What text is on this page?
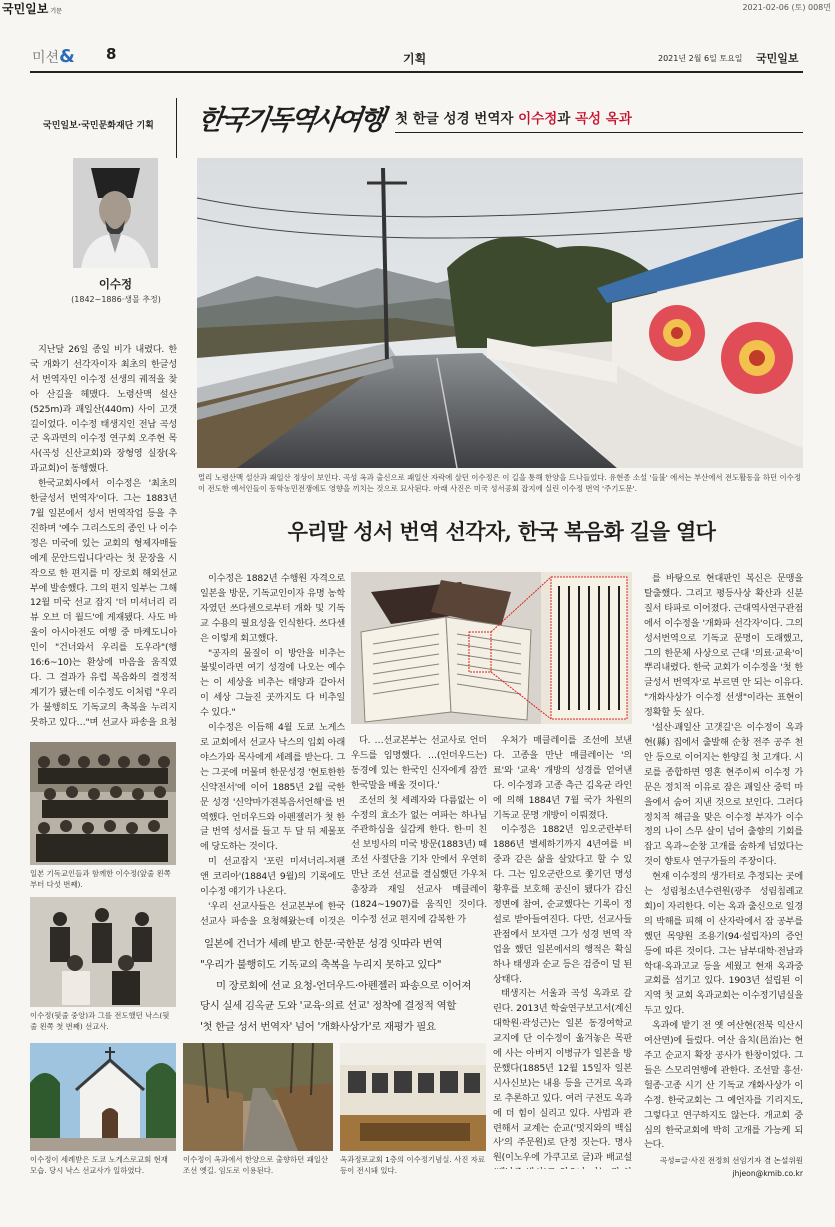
국민일보 기문	2021-02-06 (토) 008면
미션& 8	기획	2021년 2월 6일 토요일 국민일보
국민일보·국민문화재단 기획 한국기독역사여행 첫 한글 성경 번역자 이수정과 곡성 옥과
이수정
(1842~1886·생몰 추정)
멀리 노령산맥 설산과 괘일산 정상이 보인다. 곡성 옥과 출신으로 괘일산 자락에 살던 이수정은 이 길을 통해 한양을 드나들었다. 유현종 소설 '들불' 에서는 부산에서 전도활동을 하던 이수정이 전도한 예서인들이 동학농민전쟁에도 영향을 끼치는 것으로 묘사된다. 아래 사진은 미국 성서공회 잡지에 실린 이수정 번역 '주기도문'.
우리말 성서 번역 선각자, 한국 복음화 길을 열다

지난달 26일 종일 비가 내렸다. 한국 개화기 선각자이자 최초의 한글성서 번역자인 이수정 선생의 궤적을 찾아 산길을 헤맸다. 노령산맥 설산(525m)과 괘일산(440m) 사이 고갯길이었다. 이수정 태생지인 전남 곡성군 옥과면의 이수정 연구회 오주현 목사(곡성 신산교회)와 장형영 실장(옥과교회)이 동행했다.

한국교회사에서 이수정은 '최초의 한글성서 번역자'이다. 그는 1883년 7월 일본에서 성서 번역작업 등을 추진하며 '예수 그리스도의 종인 나 이수정은 미국에 있는 교회의 형제자매들에게 문안드립니다'라는 첫 문장을 시작으로 한 편지를 미 장로회 해외선교부에 발송했다. 그의 편지 일부는 그해 12월 미국 선교 잡지 '더 미셔너리 리뷰 오브 더 월드'에 게재됐다. 사도 바울이 아시아전도 여행 중 마케도니아인이 "건너와서 우리를 도우라"(행 16:6~10)는 환상에 마음을 움직였다. 그 결과가 유럽 복음화의 결정적 계기가 됐는데 이수정도 이처럼 "우리가 불행히도 기독교의 축복을 누리지 못하고 있다…"며 선교사 파송을 요청

일본 기독교인들과 함께한 이수정(앞줄 왼쪽부터 다섯 번째).
이수정(뒷줄 중앙)과 그를 전도했던 낙스(뒷줄 왼쪽 첫 번째) 선교사.

이수정은 1882년 수행원 자격으로 일본을 방문, 기독교인이자 유명 농학자였던 쓰다센으로부터 개화 및 기독교 수용의 필요성을 인식한다. 쓰다센은 이렇게 회고했다.

"공자의 물질이 이 방안을 비추는 불빛이라면 여기 성경에 나오는 예수는 이 세상을 비추는 태양과 같아서 이 세상 그늘진 곳까지도 다 비추일 수 있다."

이수정은 이듬해 4월 도쿄 노게스로 교회에서 선교사 낙스의 입회 아래 야스가와 목사에게 세례를 받는다. 그는 그곳에 머물며 한문성경 '현토한한신약전서'에 이어 1885년 2월 국한문 성경 '신약마가젼복음서언해'를 번역했다. 언더우드와 아펜젤러가 첫 한글 번역 성서를 들고 두 달 뒤 제물포에 당도하는 것이다.

미 선교잡지 '포린 미셔너리-저팬 앤 코리아'(1884년 9월)의 기록에도 이수정 얘기가 나온다.

'우리 선교사들은 선교본부에 한국 선교사 파송을 요청해왔는데 이것은

다. …선교본부는 선교사로 언더우드를 임명했다. …(언더우드는) 동경에 있는 한국인 신자에게 잠깐 한국말을 배울 것이다.'

조선의 첫 세례자와 다름없는 이수정의 효소가 없는 여파는 하나님 주관하심을 실감케 한다. 한·미 친선 보빙사의 미국 방문(1883년) 때 조선 사절단을 기차 안에서 우연히 만난 조선 선교를 결심했던 가우처 총장과 재일 선교사 매클레이(1824~1907)를 움직인 것이다. 이수정 선교 편지에 감복한 가

우처가 매클레이를 조선에 보낸다. 고종을 만난 매클레이는 '의료'와 '교육' 개방의 성경를 얻어낸다. 이수정과 고종 측근 김옥균 라인에 의해 1884년 7월 국가 차원의 기독교 문명 개방이 이뤄졌다.

이수정은 1882년 임오군란부터 1886년 별세하기까지 4년여를 비중과 같은 삶을 살았다고 할 수 있다. 그는 임오군란으로 쫓기던 명성황후를 보호해 공신이 됐다가 갑신정변에 참여, 순교했다는 기록이 정설로 받아들여진다. 다만, 선교사들 관점에서 보자면 그가 성경 번역 작업을 했던 일본에서의 행적은 확실하나 태생과 순교 등은 검증이 덜 된 상태다.

태생지는 서울과 곡성 옥과로 갈린다. 2013년 학술연구보고서(계신대학원·곽성근)는 일본 동경여학교 교지에 단 이수정이 옮겨놓은 목판에 사는 아버지 이병규가 일본을 방문했다(1885년 12월 15일자 일본 시사신보)는 내용 등을 근거로 옥과로 추론하고 있다. 여러 구전도 옥과에 더 힘이 실리고 있다. 사법과 관련해서 교계는 순교('멋지와의 백십사'의 주문원)로 단정 짓는다. 명사원(이노우에 가쿠고로 글)과 배교설

를 바탕으로 현대판인 복신은 문맹을 탈출했다. 그리고 평등사상 확산과 신분질서 타파로 이어졌다. 근대역사연구관점에서 이수정을 '개화파 선각자'이다. 그의 성서번역으로 기독교 문명이 도래했고, 그의 한문체 사상으로 근대 '의료·교육'이 뿌리내렸다. 한국 교회가 이수정을 '첫 한글성서 번역자'로 부르면 안 되는 이유다. "개화사상가 이수정 선생"이라는 표현이 정확할 듯 싶다.

'설산·괘일산 고갯길'은 이수정이 옥과현(縣) 집에서 출발해 순창 전주 공주 천안 등으로 이어지는 한양길 첫 고개다. 시로를 종합하면 영혼 현주이씨 이수정 가문은 정치적 이유로 잠은 괘일산 중턱 마을에서 숨어 지낸 것으로 보인다. 그러다 정치적 해금을 맞은 이수정 부자가 이수정의 나이 스무 살이 넘어 출향의 기회를 잡고 옥과~순창 고개를 숨하게 넘었다는 것이 향토사 연구가들의 주장이다.

현재 이수정의 생가터로 추정되는 곳에는 성림청소년수련원(광주 성림침례교회)이 자리한다. 이는 옥과 출신으로 일경의 박해를 피해 이 산자락에서 잠 공부를 했던 목양원 조용기(94·설립자)의 증언 등에 따른 것이다. 그는 남부대학·전남과학대·옥과고교 등을 세웠고 현재 옥과중교회를 섬기고 있다. 1903년 설립된 이 지역 첫 교회 옥과교회는 이수정기념실을 두고 있다.

옥과에 밭기 전 옛 여산현(전북 익산시 여산면)에 들렀다. 여산 읍치(邑治)는 현주고 순교지 확장 공사가 한창이었다. 그들은 스모리연행에 관한다. 조선말 흥선·헐종·고종 시기 산 기독교 개화사상가 이수정. 한국교회는 그 예언자를 기리지도, 그렇다고 연구하지도 않는다. 개교회 중심의 한국교회에 박히 고개를 가능케 되는다.

곡성=글·사진 전정희 선임기자 겸 논설위원
jhjeon@kmib.co.kr
일본에 건너가 세례 받고 한문·국한문 성경 잇따라 번역
"우리가 불행히도 기독교의 축복을 누리지 못하고 있다"
미 장로회에 선교 요청-언더우드·아펜젤러 파송으로 이어져
당시 실세 김옥균 도와 '교육·의료 선교' 정착에 결정적 역할
'첫 한글 성서 번역자' 넘어 '개화사상가'로 재평가 필요
이수정이 세례받은 도쿄 노게스로교회 현재 모습. 당시 낙스 선교사가 일하였다.
이수정이 옥과에서 한양으로 출향하던 괘일산 조선 옛길. 임도로 이용된다.
옥과정로교회 1층의 이수정기념실. 사진 자료 등이 전시돼 있다.
